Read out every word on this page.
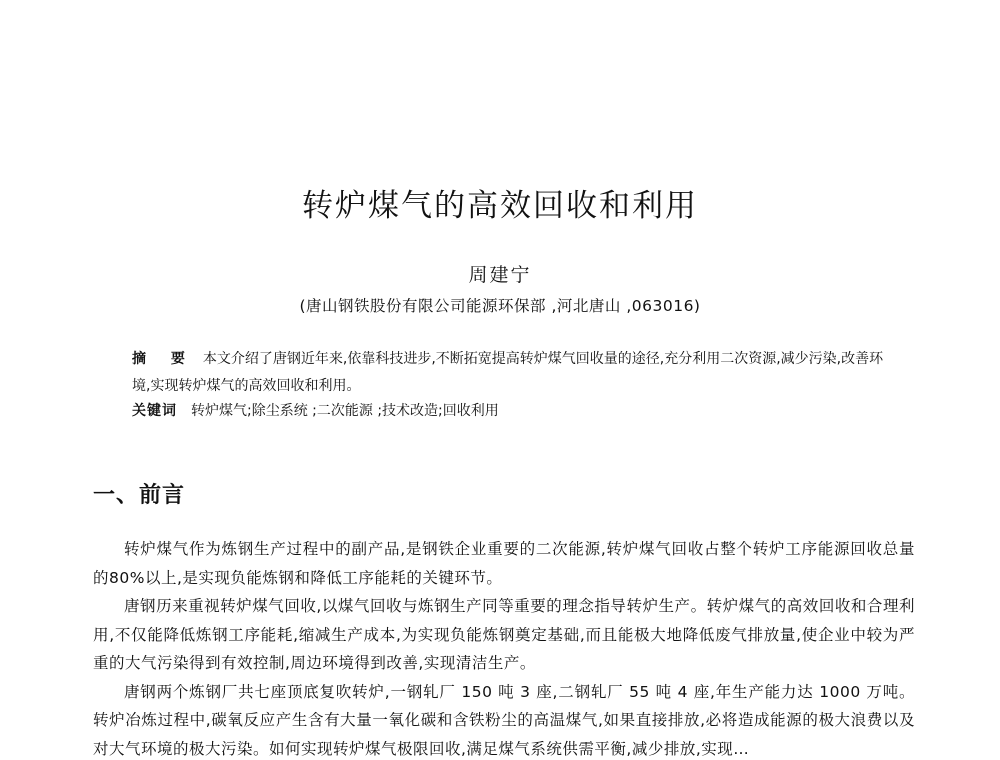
转炉煤气的高效回收和利用
周建宁
(唐山钢铁股份有限公司能源环保部 ,河北唐山 ,063016)
摘 要 本文介绍了唐钢近年来,依靠科技进步,不断拓宽提高转炉煤气回收量的途径,充分利用二次资源,减少污染,改善环境,实现转炉煤气的高效回收和利用。
关键词 转炉煤气;除尘系统 ;二次能源 ;技术改造;回收利用
一、前言

转炉煤气作为炼钢生产过程中的副产品,是钢铁企业重要的二次能源,转炉煤气回收占整个转炉工序能源回收总量的80%以上,是实现负能炼钢和降低工序能耗的关键环节。

唐钢历来重视转炉煤气回收,以煤气回收与炼钢生产同等重要的理念指导转炉生产。转炉煤气的高效回收和合理利用,不仅能降低炼钢工序能耗,缩减生产成本,为实现负能炼钢奠定基础,而且能极大地降低废气排放量,使企业中较为严重的大气污染得到有效控制,周边环境得到改善,实现清洁生产。

唐钢两个炼钢厂共七座顶底复吹转炉,一钢轧厂 150 吨 3 座,二钢轧厂 55 吨 4 座,年生产能力达 1000 万吨。转炉冶炼过程中,碳氧反应产生含有大量一氧化碳和含铁粉尘的高温煤气,如果直接排放,必将造成能源的极大浪费以及对大气环境的极大污染。如何实现转炉煤气极限回收,满足煤气系统供需平衡,减少排放,实现…
